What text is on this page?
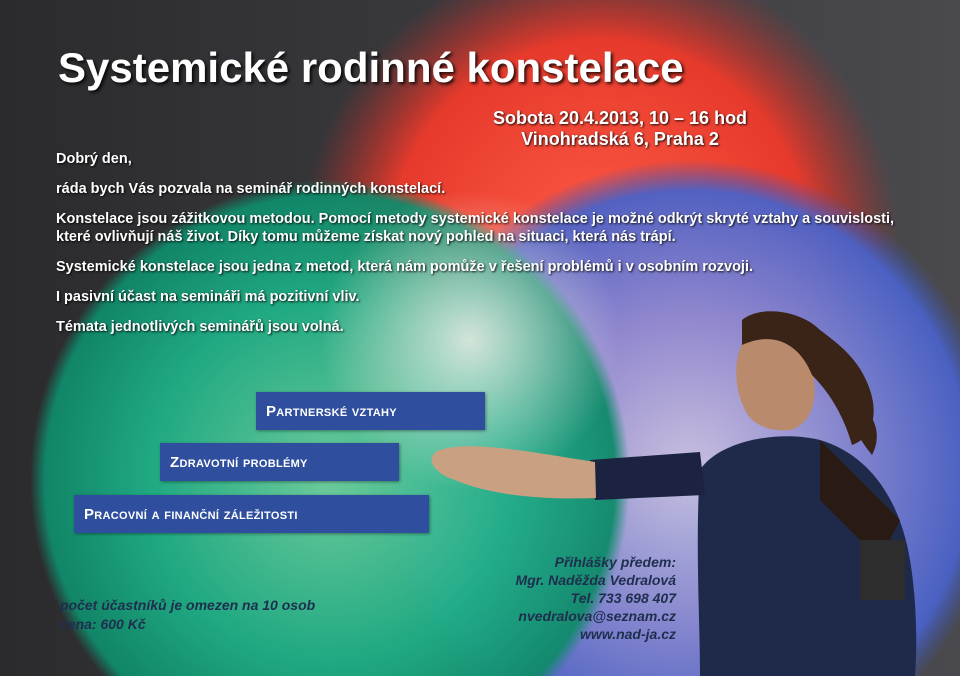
Systemické rodinné konstelace
Sobota 20.4.2013, 10 – 16 hod
Vinohradská 6, Praha 2

Dobrý den,

ráda bych Vás pozvala na seminář rodinných konstelací.

Konstelace jsou zážitkovou metodou. Pomocí metody systemické konstelace je možné odkrýt skryté vztahy a souvislosti, které ovlivňují náš život. Díky tomu můžeme získat nový pohled na situaci, která nás trápí.

Systemické konstelace jsou jedna z metod, která nám pomůže v řešení problémů i v osobním rozvoji.

I pasivní účast na semináři má pozitivní vliv.

Témata jednotlivých seminářů jsou volná.

Partnerské vztahy
Zdravotní problémy
Pracovní a finanční záležitosti
Přihlášky předem:
Mgr. Naděžda Vedralová
Tel. 733 698 407
nvedralova@seznam.cz
www.nad-ja.cz
počet účastníků je omezen na 10 osob
cena: 600 Kč
